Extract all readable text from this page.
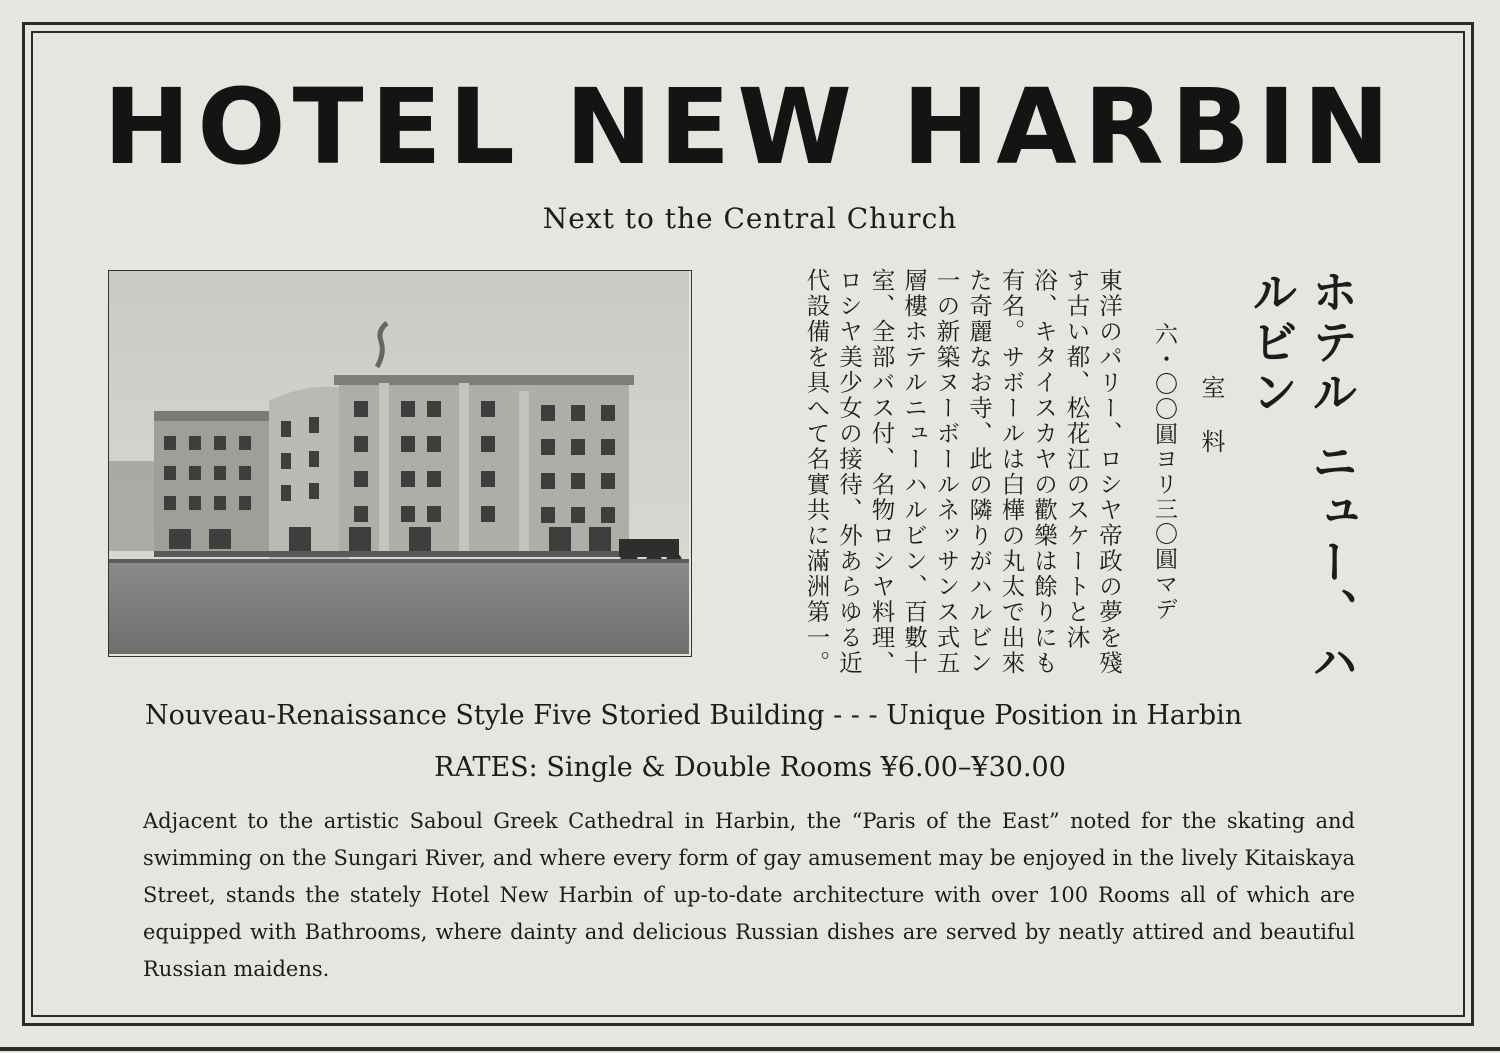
HOTEL NEW HARBIN
Next to the Central Church
ホテル ニュー、ハルビン
室料
六・〇〇圓ヨリ三〇圓マデ
東洋のパリー、ロシヤ帝政の夢を殘す古い都、松花江のスケートと沐浴、キタイスカヤの歡樂は餘りにも有名。サボールは白樺の丸太で出來た奇麗なお寺、此の隣りがハルビン一の新築ヌーボールネッサンス式五層樓ホテルニューハルビン、百數十室、全部バス付、名物ロシヤ料理、ロシヤ美少女の接待、外あらゆる近代設備を具へて名實共に滿洲第一。
Nouveau-Renaissance Style Five Storied Building - - - Unique Position in Harbin
RATES: Single & Double Rooms ¥6.00–¥30.00
Adjacent to the artistic Saboul Greek Cathedral in Harbin, the “Paris of the East” noted for the skating and swimming on the Sungari River, and where every form of gay amusement may be enjoyed in the lively Kitaiskaya Street, stands the stately Hotel New Harbin of up-to-date architecture with over 100 Rooms all of which are equipped with Bathrooms, where dainty and delicious Russian dishes are served by neatly attired and beautiful Russian maidens.
